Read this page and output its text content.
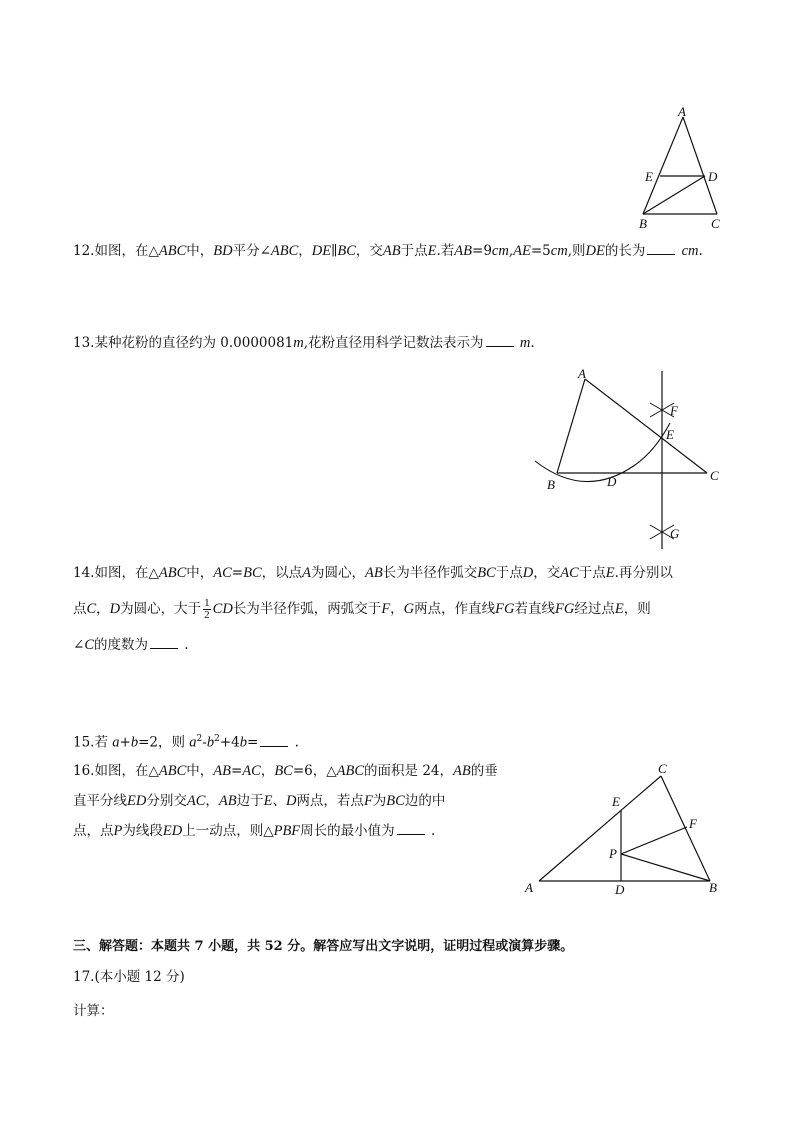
A
E	D
B	C
12.如图，在△ABC中，BD平分∠ABC，DE∥BC，交AB于点E.若AB=9cm,AE=5cm,则DE的长为	cm.
13.某种花粉的直径约为 0.0000081m,花粉直径用科学记数法表示为	m.
A
F
E
B	D	C
G
14.如图，在△ABC中，AC=BC，以点A为圆心，AB长为半径作弧交BC于点D，交AC于点E.再分别以
点C，D为圆心，大于 $\frac{1}{2}$ CD长为半径作弧，两弧交于F，G两点，作直线FG若直线FG经过点E，则
∠C的度数为	.
15.若 a+b=2，则 $a^2-b^2+4b=$	.
16.如图，在△ABC中，AB=AC，BC=6，△ABC的面积是 24，AB的垂
直平分线ED分别交AC，AB边于E、D两点，若点F为BC边的中
点，点P为线段ED上一动点，则△PBF周长的最小值为	.
C
E
F
P
A	D	B
三、解答题：本题共 7 小题，共 52 分。解答应写出文字说明，证明过程或演算步骤。
17.(本小题 12 分)
计算：
